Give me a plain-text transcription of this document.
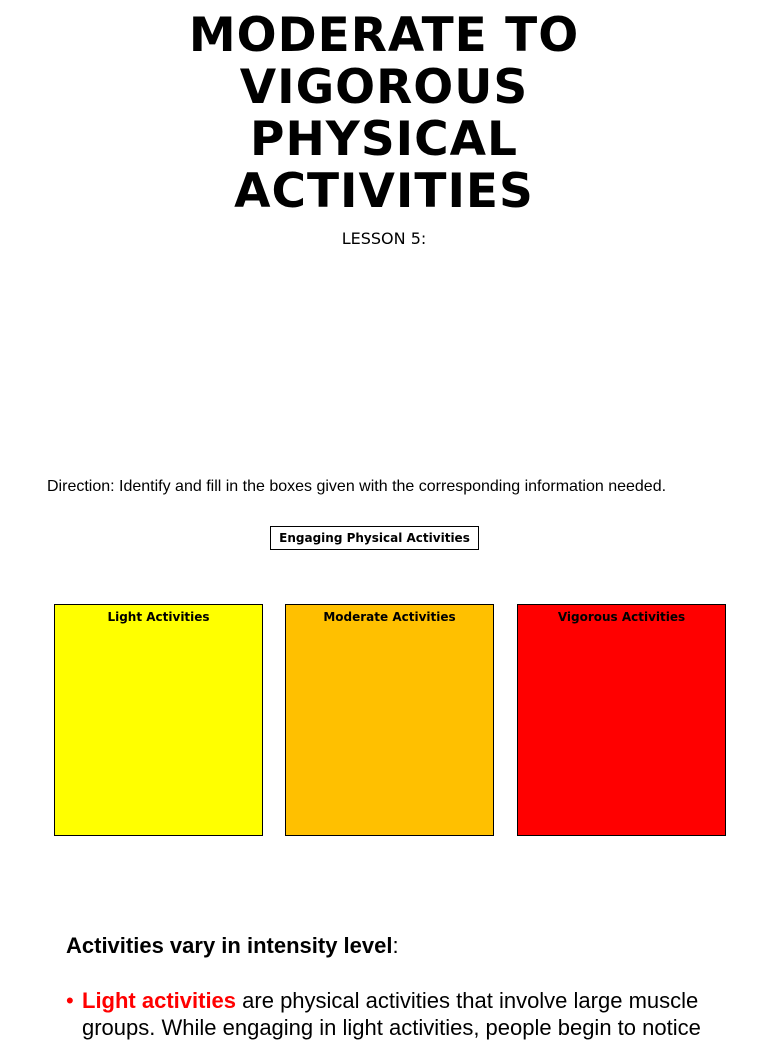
MODERATE TO
VIGOROUS
PHYSICAL
ACTIVITIES
LESSON 5:
Direction: Identify and fill in the boxes given with the corresponding information needed.
Engaging Physical Activities
Light Activities	Moderate Activities	Vigorous Activities
Activities vary in intensity level:
• Light activities are physical activities that involve large muscle
groups. While engaging in light activities, people begin to notice
